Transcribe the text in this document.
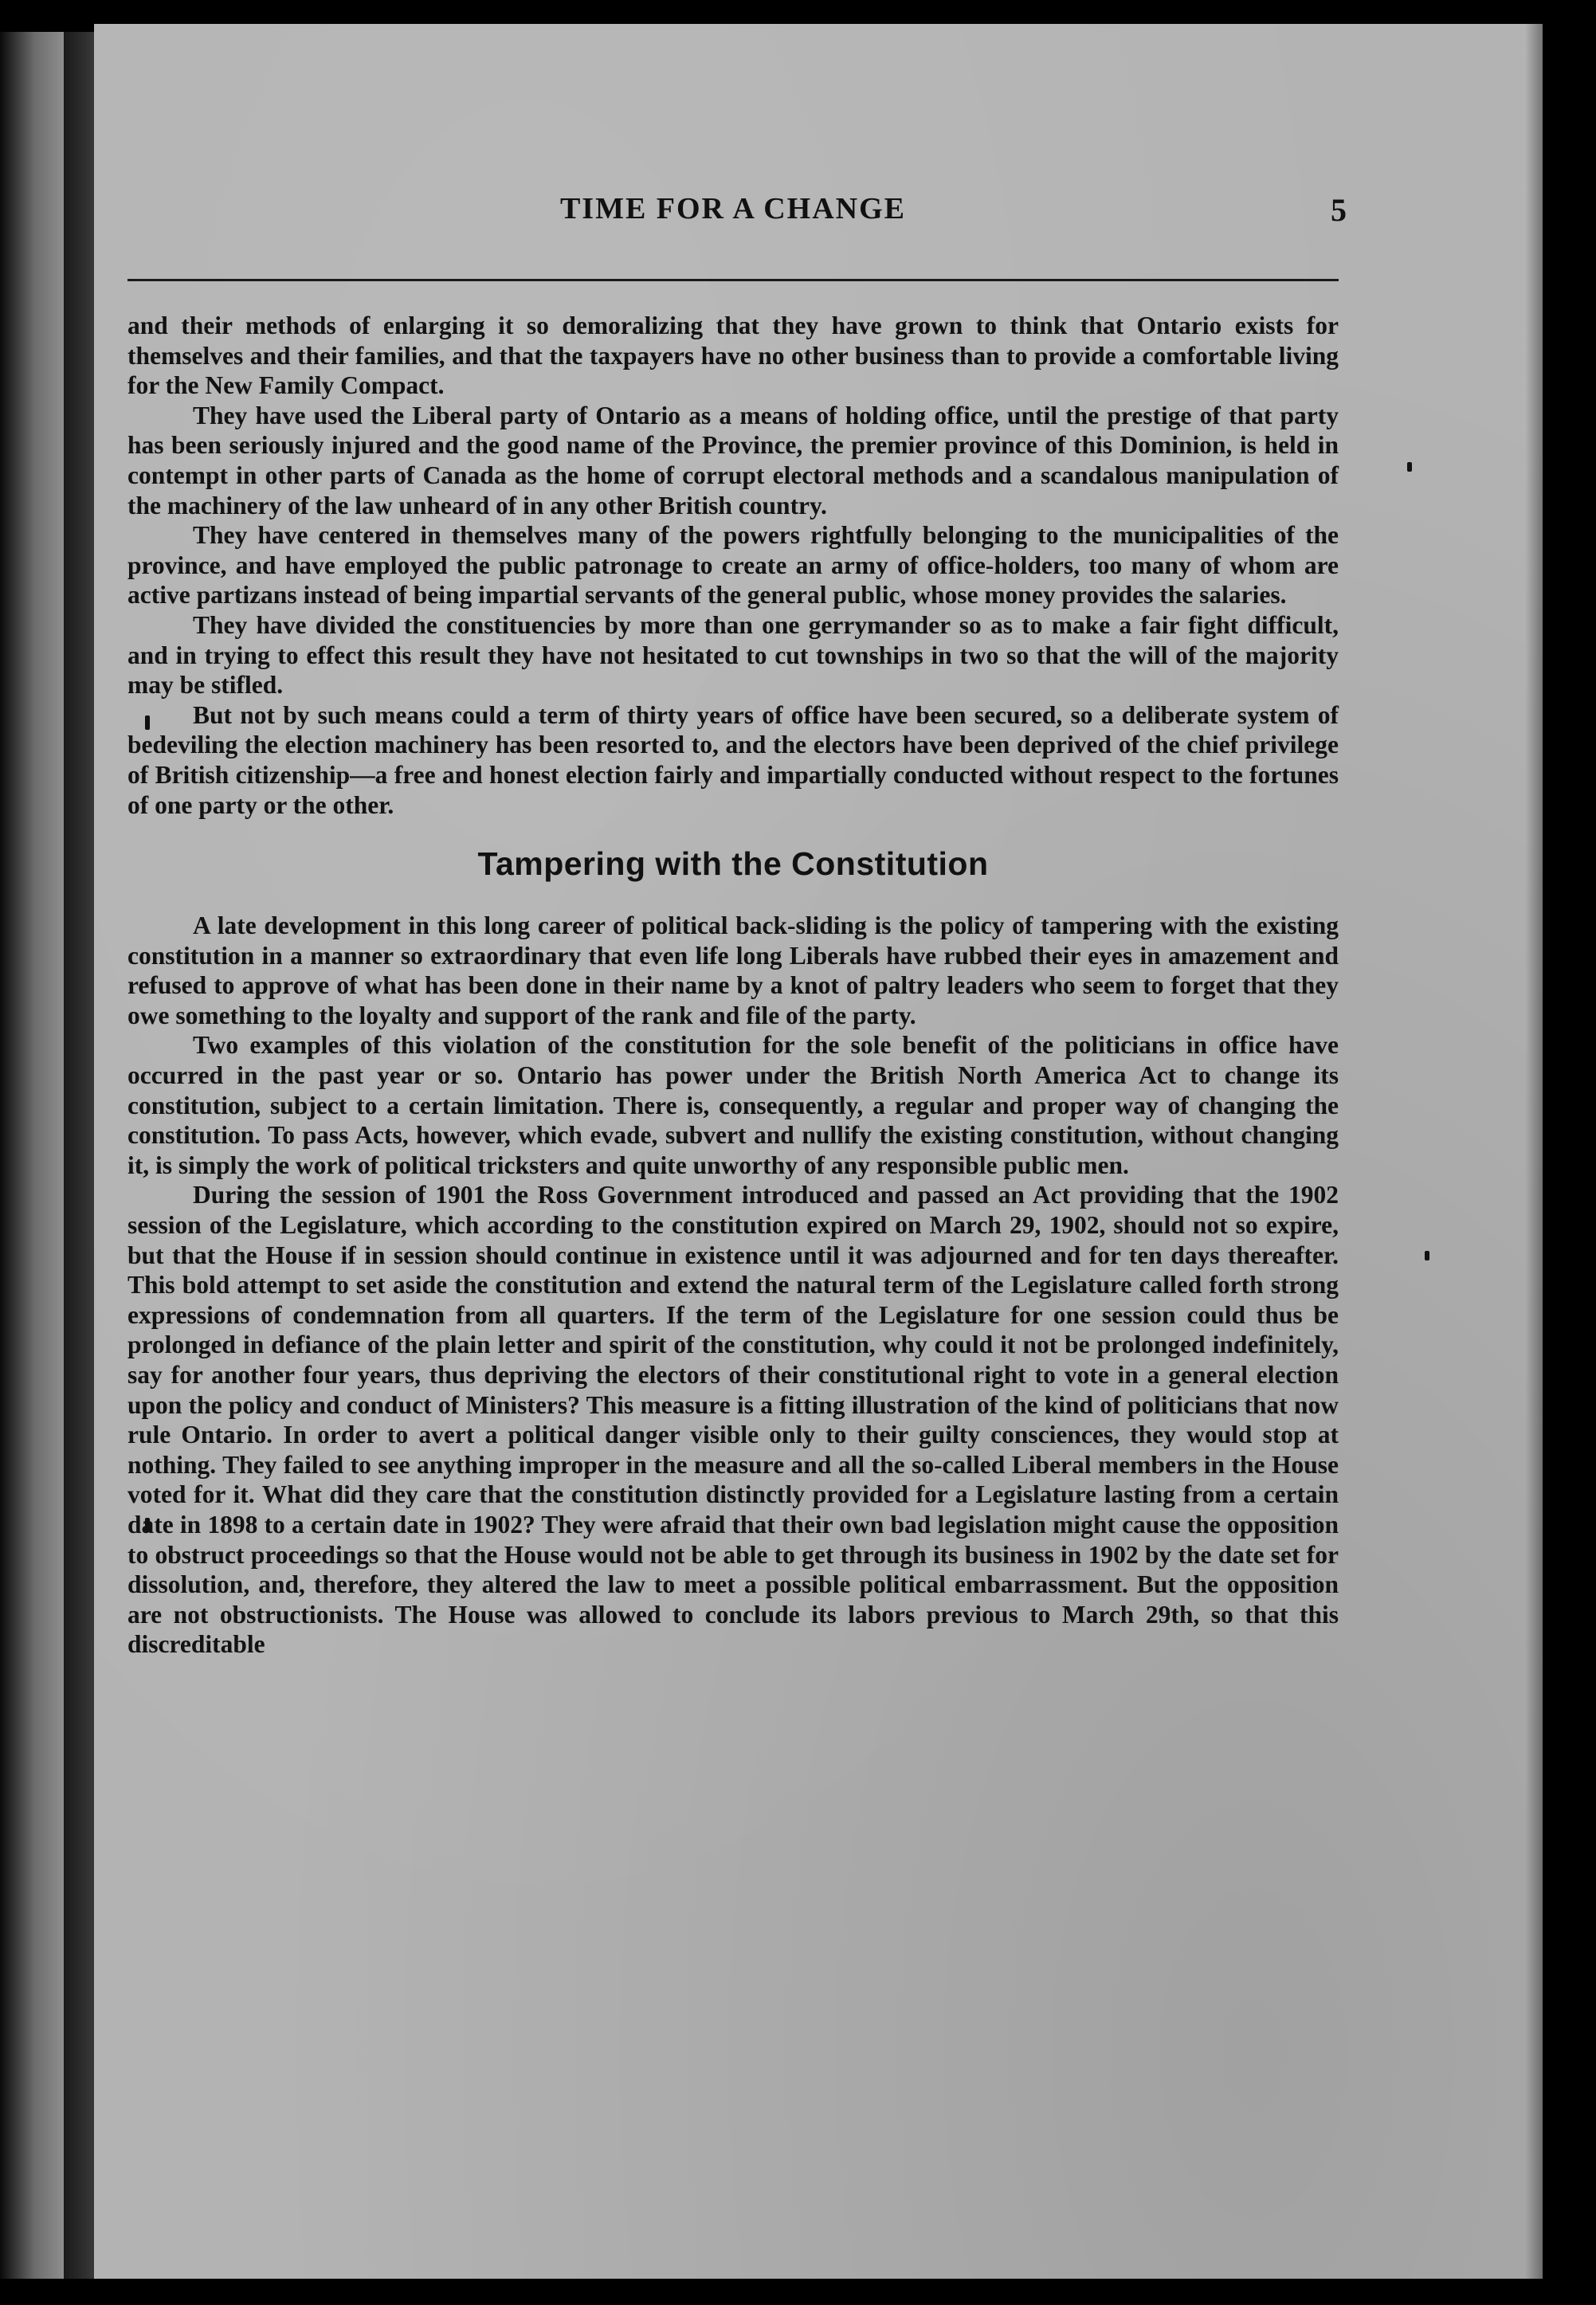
TIME FOR A CHANGE	5

and their methods of enlarging it so demoralizing that they have grown to think that Ontario exists for themselves and their families, and that the taxpayers have no other business than to provide a comfortable living for the New Family Compact.

They have used the Liberal party of Ontario as a means of holding office, until the prestige of that party has been seriously injured and the good name of the Province, the premier province of this Dominion, is held in contempt in other parts of Canada as the home of corrupt electoral methods and a scandalous manipulation of the machinery of the law unheard of in any other British country.

They have centered in themselves many of the powers rightfully belonging to the municipalities of the province, and have employed the public patronage to create an army of office-holders, too many of whom are active partizans instead of being impartial servants of the general public, whose money provides the salaries.

They have divided the constituencies by more than one gerrymander so as to make a fair fight difficult, and in trying to effect this result they have not hesitated to cut townships in two so that the will of the majority may be stifled.

But not by such means could a term of thirty years of office have been secured, so a deliberate system of bedeviling the election machinery has been resorted to, and the electors have been deprived of the chief privilege of British citizenship—a free and honest election fairly and impartially conducted without respect to the fortunes of one party or the other.

Tampering with the Constitution

A late development in this long career of political back-sliding is the policy of tampering with the existing constitution in a manner so extraordinary that even life long Liberals have rubbed their eyes in amazement and refused to approve of what has been done in their name by a knot of paltry leaders who seem to forget that they owe something to the loyalty and support of the rank and file of the party.

Two examples of this violation of the constitution for the sole benefit of the politicians in office have occurred in the past year or so. Ontario has power under the British North America Act to change its constitution, subject to a certain limitation. There is, consequently, a regular and proper way of changing the constitution. To pass Acts, however, which evade, subvert and nullify the existing constitution, without changing it, is simply the work of political tricksters and quite unworthy of any responsible public men.

During the session of 1901 the Ross Government introduced and passed an Act providing that the 1902 session of the Legislature, which according to the constitution expired on March 29, 1902, should not so expire, but that the House if in session should continue in existence until it was adjourned and for ten days thereafter. This bold attempt to set aside the constitution and extend the natural term of the Legislature called forth strong expressions of condemnation from all quarters. If the term of the Legislature for one session could thus be prolonged in defiance of the plain letter and spirit of the constitution, why could it not be prolonged indefinitely, say for another four years, thus depriving the electors of their constitutional right to vote in a general election upon the policy and conduct of Ministers? This measure is a fitting illustration of the kind of politicians that now rule Ontario. In order to avert a political danger visible only to their guilty consciences, they would stop at nothing. They failed to see anything improper in the measure and all the so-called Liberal members in the House voted for it. What did they care that the constitution distinctly provided for a Legislature lasting from a certain date in 1898 to a certain date in 1902? They were afraid that their own bad legislation might cause the opposition to obstruct proceedings so that the House would not be able to get through its business in 1902 by the date set for dissolution, and, therefore, they altered the law to meet a possible political embarrassment. But the opposition are not obstructionists. The House was allowed to conclude its labors previous to March 29th, so that this discreditable
